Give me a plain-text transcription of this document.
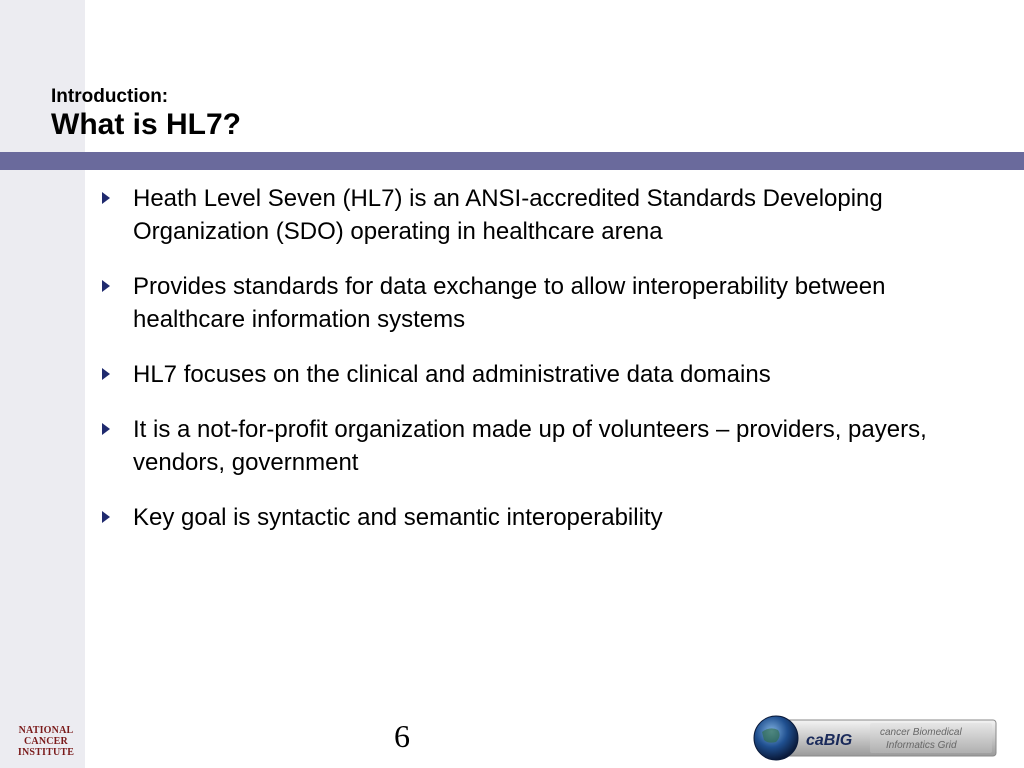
Introduction:
What is HL7?
Heath Level Seven (HL7) is an ANSI-accredited Standards Developing Organization (SDO) operating in healthcare arena
Provides standards for data exchange to allow interoperability between healthcare information systems
HL7 focuses on the clinical and administrative data domains
It is a not-for-profit organization made up of volunteers – providers, payers, vendors, government
Key goal is syntactic and semantic interoperability
NATIONAL
CANCER
INSTITUTE	6	caBIG	cancer Biomedical
Informatics Grid
